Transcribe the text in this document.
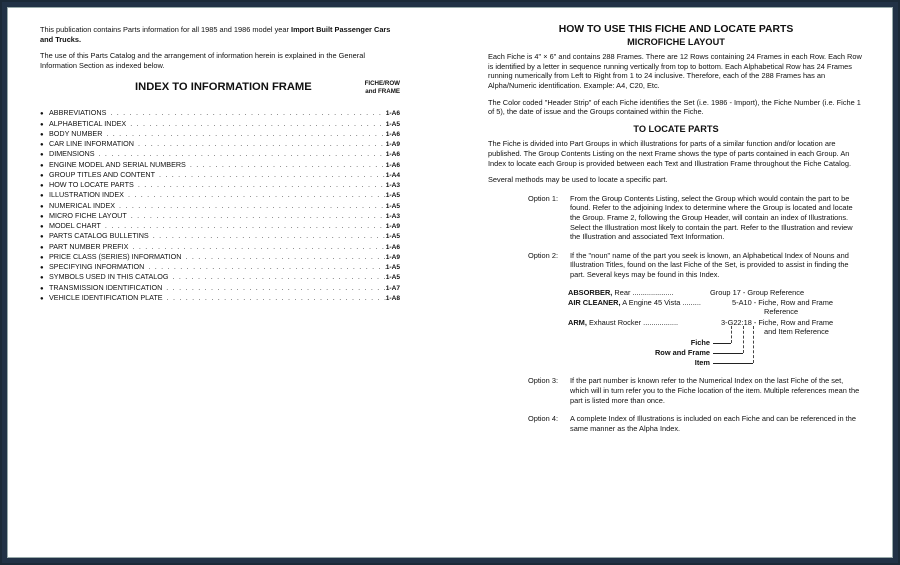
This publication contains Parts information for all 1985 and 1986 model year Import Built Passenger Cars and Trucks.

The use of this Parts Catalog and the arrangement of information herein is explained in the General Information Section as indexed below.

INDEX TO INFORMATION FRAME	FICHE/ROW
and FRAME
● ABBREVIATIONS . . .	1-A6
● ALPHABETICAL INDEX . . .	1-A5
● BODY NUMBER . . .	1-A6
● CAR LINE INFORMATION . . .	1-A9
● DIMENSIONS . . .	1-A6
● ENGINE MODEL AND SERIAL NUMBERS . . .	1-A6
● GROUP TITLES AND CONTENT . . .	1-A4
● HOW TO LOCATE PARTS . . .	1-A3
● ILLUSTRATION INDEX . . .	1-A5
● NUMERICAL INDEX . . .	1-A5
● MICRO FICHE LAYOUT . . .	1-A3
● MODEL CHART . . .	1-A9
● PARTS CATALOG BULLETINS . . .	1-A5
● PART NUMBER PREFIX . . .	1-A6
● PRICE CLASS (SERIES) INFORMATION . . .	1-A9
● SPECIFYING INFORMATION . . .	1-A5
● SYMBOLS USED IN THIS CATALOG . . .	1-A5
● TRANSMISSION IDENTIFICATION . . .	1-A7
● VEHICLE IDENTIFICATION PLATE . . .	1-A8
HOW TO USE THIS FICHE AND LOCATE PARTS
MICROFICHE LAYOUT

Each Fiche is 4" × 6" and contains 288 Frames. There are 12 Rows containing 24 Frames in each Row. Each Row is identified by a letter in sequence running vertically from top to bottom. Each Alphabetical Row has 24 Frames running numerically from Left to Right from 1 to 24 inclusive. Therefore, each of the 288 Frames has an Alpha/Numeric identification. Example: A4, C20, Etc.

The Color coded "Header Strip" of each Fiche identifies the Set (i.e. 1986 - Import), the Fiche Number (i.e. Fiche 1 of 5), the date of issue and the Groups contained within the Fiche.

TO LOCATE PARTS

The Fiche is divided into Part Groups in which illustrations for parts of a similar function and/or location are published. The Group Contents Listing on the next Frame shows the type of parts contained in each Group. An Index to locate each Group is provided between each Text and Illustration Frame throughout the Fiche Catalog.

Several methods may be used to locate a specific part.

Option 1:	From the Group Contents Listing, select the Group which would contain the part to be found. Refer to the adjoining Index to determine where the Group is located and locate the Group. Frame 2, following the Group Header, will contain an index of Illustrations. Select the Illustration most likely to contain the part. Refer to the Illustration and review the Illustration and associated Text Information.
Option 2:	If the "noun" name of the part you seek is known, an Alphabetical Index of Nouns and Illustration Titles, found on the last Fiche of the Set, is provided to assist in finding the part. Several keys may be found in this Index.
ABSORBER, Rear ....................	Group 17 - Group Reference
AIR CLEANER, A Engine 45 Vista .........	5-A10 - Fiche, Row and Frame
Reference
ARM, Exhaust Rocker .................	3-G22:18 - Fiche, Row and Frame
and Item Reference
Fiche
Row and Frame
Item
Option 3:	If the part number is known refer to the Numerical Index on the last Fiche of the set, which will in turn refer you to the Fiche location of the item. Multiple references mean the part is listed more than once.
Option 4:	A complete Index of Illustrations is included on each Fiche and can be referenced in the same manner as the Alpha Index.
